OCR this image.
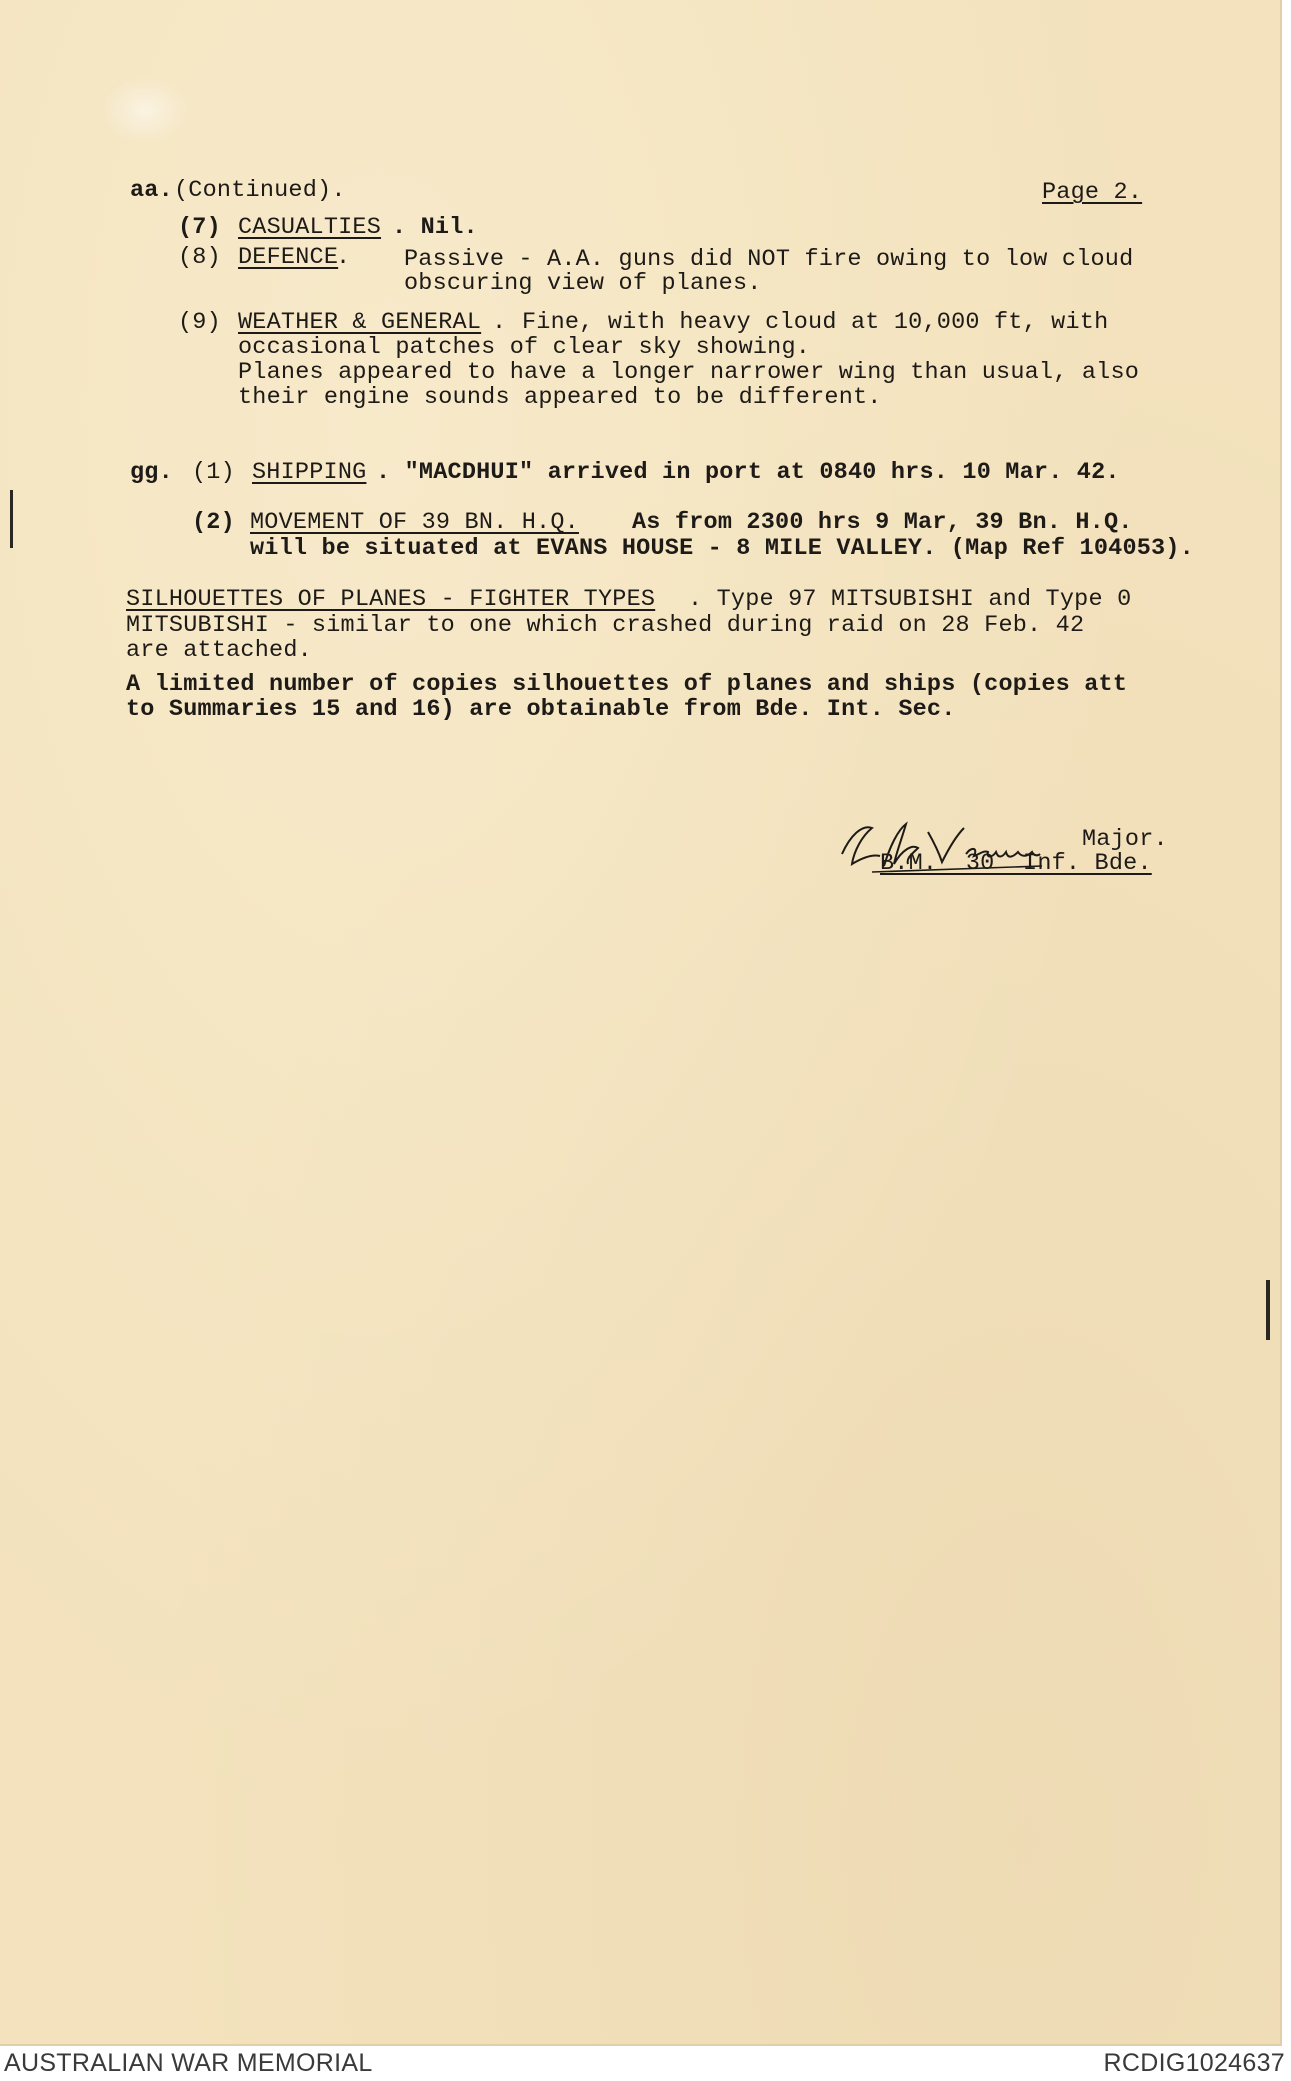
aa. (Continued).	Page 2.
(7) CASUALTIES . Nil.
(8) DEFENCE
. Passive - A.A. guns did NOT fire owing to low cloud
obscuring view of planes.
(9) WEATHER & GENERAL . Fine, with heavy cloud at 10,000 ft, with
occasional patches of clear sky showing.
Planes appeared to have a longer narrower wing than usual, also
their engine sounds appeared to be different.
gg. (1) SHIPPING . "MACDHUI" arrived in port at 0840 hrs. 10 Mar. 42.
(2) MOVEMENT OF 39 BN. H.Q. As from 2300 hrs 9 Mar, 39 Bn. H.Q.
will be situated at EVANS HOUSE - 8 MILE VALLEY. (Map Ref 104053).
SILHOUETTES OF PLANES - FIGHTER TYPES . Type 97 MITSUBISHI and Type 0
MITSUBISHI - similar to one which crashed during raid on 28 Feb. 42
are attached.
A limited number of copies silhouettes of planes and ships (copies att
to Summaries 15 and 16) are obtainable from Bde. Int. Sec.
Major.
B.M.  30  Inf. Bde.
AUSTRALIAN WAR MEMORIAL	RCDIG1024637
